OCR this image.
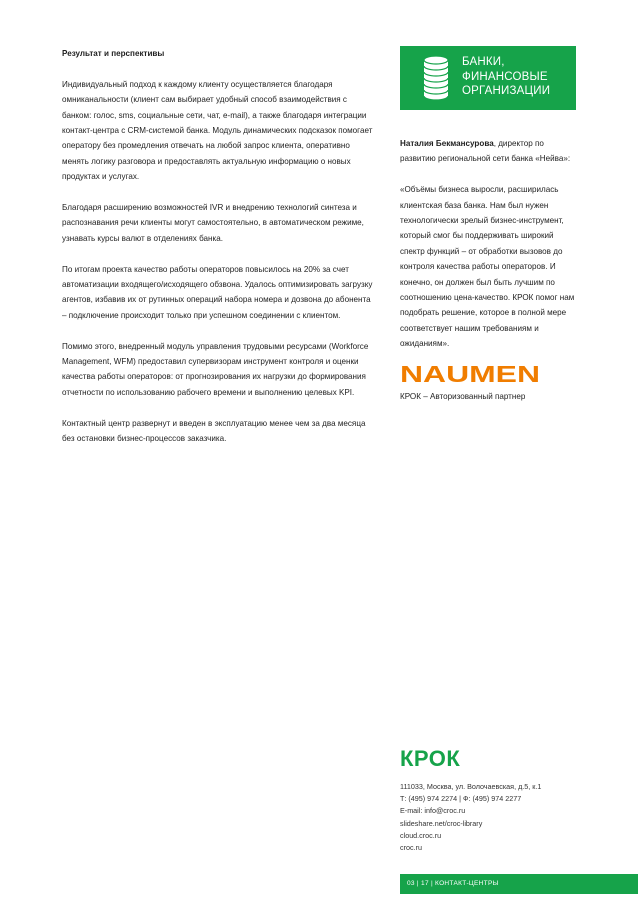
Результат и перспективы

Индивидуальный подход к каждому клиенту осуществляется благодаря омниканальности (клиент сам выбирает удобный способ взаимодействия с банком: голос, sms, социальные сети, чат, e-mail), а также благодаря интеграции контакт-центра с CRM-системой банка. Модуль динамических подсказок помогает оператору без промедления отвечать на любой запрос клиента, оперативно менять логику разговора и предоставлять актуальную информацию о новых продуктах и услугах.

Благодаря расширению возможностей IVR и внедрению технологий синтеза и распознавания речи клиенты могут самостоятельно, в автоматическом режиме, узнавать курсы валют в отделениях банка.

По итогам проекта качество работы операторов повысилось на 20% за счет автоматизации входящего/исходящего обзвона. Удалось оптимизировать загрузку агентов, избавив их от рутинных операций набора номера и дозвона до абонента – подключение происходит только при успешном соединении с клиентом.

Помимо этого, внедренный модуль управления трудовыми ресурсами (Workforce Management, WFM) предоставил супервизорам инструмент контроля и оценки качества работы операторов: от прогнозирования их нагрузки до формирования отчетности по использованию рабочего времени и выполнению целевых KPI.

Контактный центр развернут и введен в эксплуатацию менее чем за два месяца без остановки бизнес-процессов заказчика.

БАНКИ,
ФИНАНСОВЫЕ
ОРГАНИЗАЦИИ

Наталия Бекмансурова, директор по развитию региональной сети банка «Нейва»:

«Объёмы бизнеса выросли, расширилась клиентская база банка. Нам был нужен технологически зрелый бизнес-инструмент, который смог бы поддерживать широкий спектр функций – от обработки вызовов до контроля качества работы операторов. И конечно, он должен был быть лучшим по соотношению цена-качество. КРОК помог нам подобрать решение, которое в полной мере соответствует нашим требованиям и ожиданиям».

NAUMEN
КРОК – Авторизованный партнер
КРОК
111033, Москва, ул. Волочаевская, д.5, к.1
Т: (495) 974 2274 | Ф: (495) 974 2277
E-mail: info@croc.ru
slideshare.net/croc-library
cloud.croc.ru
croc.ru
03 | 17 | КОНТАКТ-ЦЕНТРЫ
